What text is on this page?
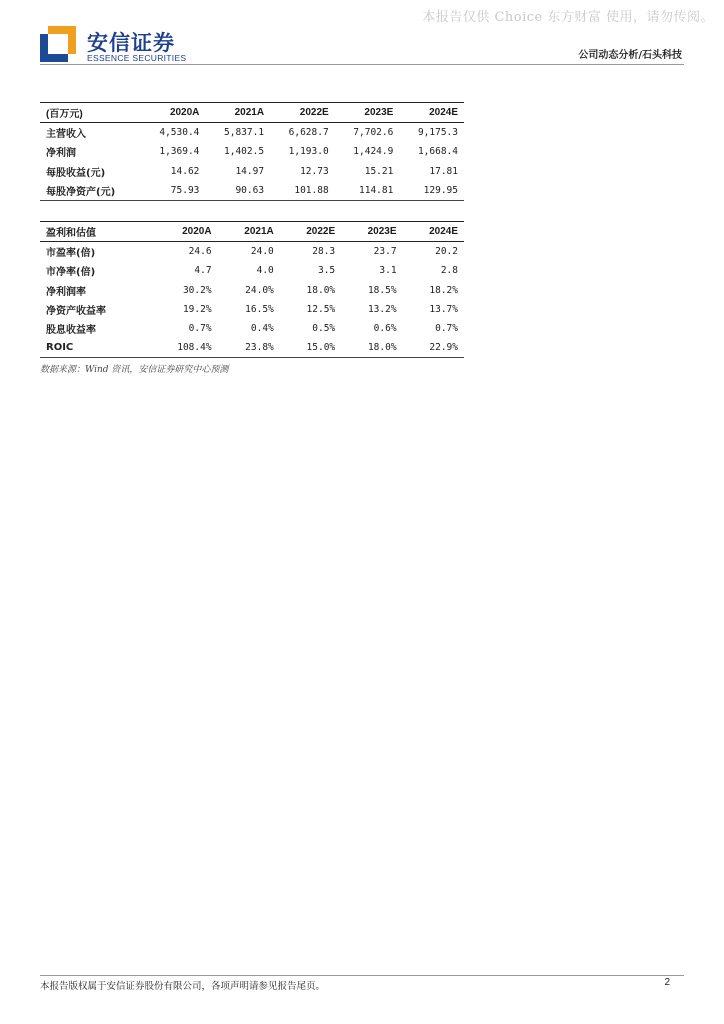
本报告仅供 Choice 东方财富 使用，请勿传阅。
安信证券
ESSENCE SECURITIES	公司动态分析/石头科技
(百万元)	2020A	2021A	2022E	2023E	2024E
主营收入	4,530.4	5,837.1	6,628.7	7,702.6	9,175.3
净利润	1,369.4	1,402.5	1,193.0	1,424.9	1,668.4
每股收益(元)	14.62	14.97	12.73	15.21	17.81
每股净资产(元)	75.93	90.63	101.88	114.81	129.95
盈利和估值	2020A	2021A	2022E	2023E	2024E
市盈率(倍)	24.6	24.0	28.3	23.7	20.2
市净率(倍)	4.7	4.0	3.5	3.1	2.8
净利润率	30.2%	24.0%	18.0%	18.5%	18.2%
净资产收益率	19.2%	16.5%	12.5%	13.2%	13.7%
股息收益率	0.7%	0.4%	0.5%	0.6%	0.7%
ROIC	108.4%	23.8%	15.0%	18.0%	22.9%
数据来源：Wind 资讯，安信证券研究中心预测
本报告版权属于安信证券股份有限公司，各项声明请参见报告尾页。	2
